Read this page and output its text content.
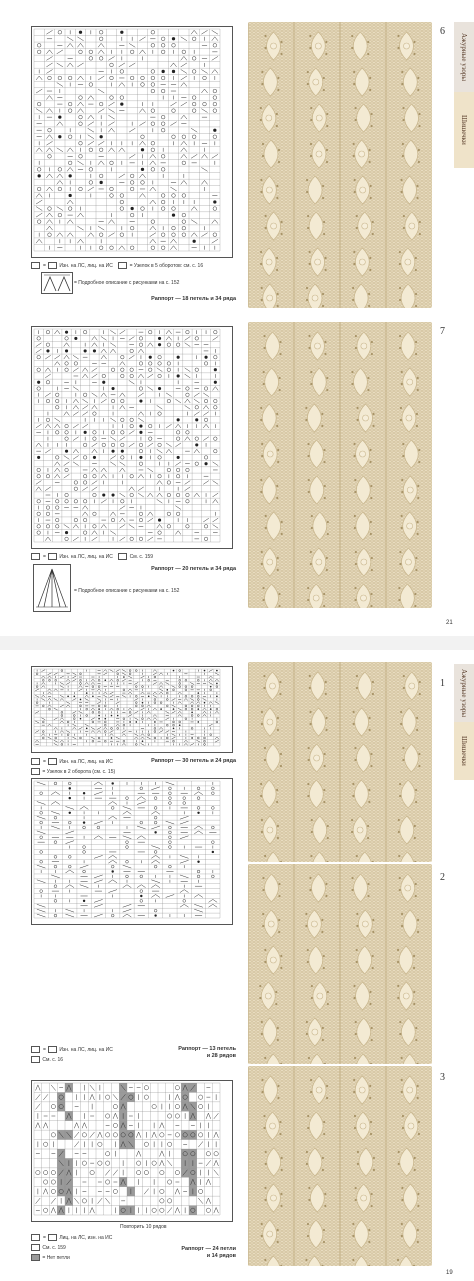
6
=	Изн. на ЛС, лиц. на ИС	= Узелок в 5 оборотов: см. с. 16
= Подробное описание с рисунками на с. 152
Раппорт — 18 петель и 34 ряда
7
=	Изн. на ЛС, лиц. на ИС	См. с. 159
Раппорт — 20 петель и 34 ряда
= Подробное описание с рисунками на с. 152
Ажурные узоры
Шишечки
21
1
=	Изн. на ЛС, лиц. на ИС	Раппорт — 30 петель и 24 ряда
= Узелок в 2 оборота (см. с. 15)
2
=	Изн. на ЛС, лиц. на ИС
См. с. 16
Раппорт — 13 петель
и 28 рядов
3
Повторить 10 рядов
=	Лиц. на ЛС, изн. на ИС
См. с. 159
= Нет петли
Раппорт — 24 петли
и 14 рядов
Ажурные узоры
Шишечки
19
